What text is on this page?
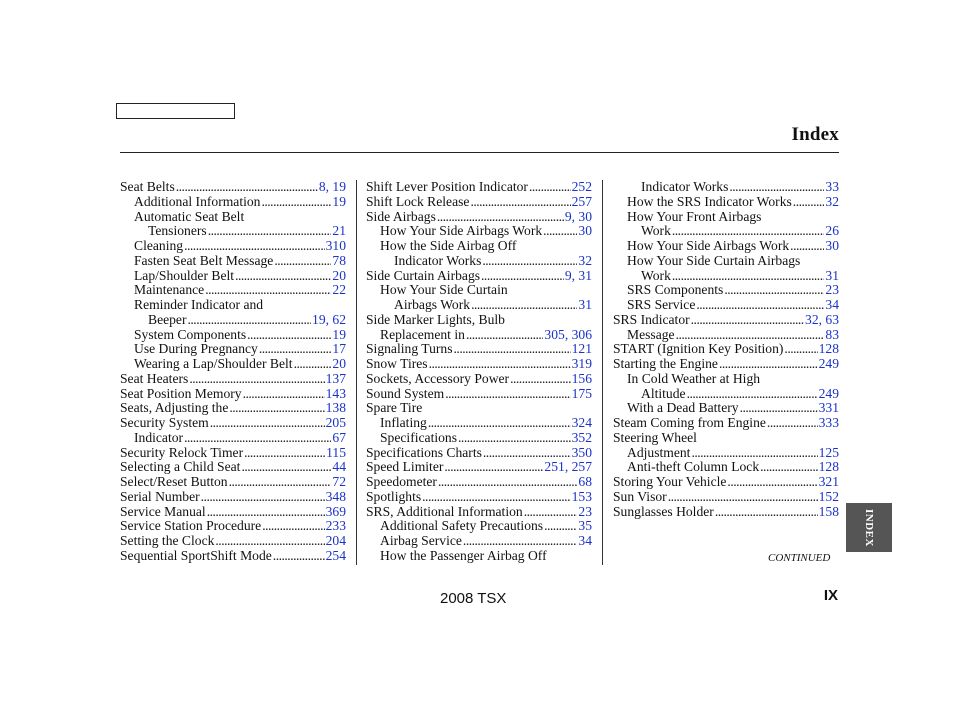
Index
Seat Belts .....	8, 19
Additional Information .....	19
Automatic Seat Belt
Tensioners .....	21
Cleaning .....	310
Fasten Seat Belt Message .....	78
Lap/Shoulder Belt .....	20
Maintenance .....	22
Reminder Indicator and
Beeper .....	19, 62
System Components .....	19
Use During Pregnancy .....	17
Wearing a Lap/Shoulder Belt .....	20
Seat Heaters .....	137
Seat Position Memory .....	143
Seats, Adjusting the .....	138
Security System .....	205
Indicator .....	67
Security Relock Timer .....	115
Selecting a Child Seat .....	44
Select/Reset Button .....	72
Serial Number .....	348
Service Manual .....	369
Service Station Procedure .....	233
Setting the Clock .....	204
Sequential SportShift Mode .....	254
Shift Lever Position Indicator .....	252
Shift Lock Release .....	257
Side Airbags .....	9, 30
How Your Side Airbags Work .....	30
How the Side Airbag Off
Indicator Works .....	32
Side Curtain Airbags .....	9, 31
How Your Side Curtain
Airbags Work .....	31
Side Marker Lights, Bulb
Replacement in .....	305, 306
Signaling Turns .....	121
Snow Tires .....	319
Sockets, Accessory Power .....	156
Sound System .....	175
Spare Tire
Inflating .....	324
Specifications .....	352
Specifications Charts .....	350
Speed Limiter .....	251, 257
Speedometer .....	68
Spotlights .....	153
SRS, Additional Information .....	23
Additional Safety Precautions .....	35
Airbag Service .....	34
How the Passenger Airbag Off
Indicator Works .....	33
How the SRS Indicator Works ..... 32
How Your Front Airbags
Work .....	26
How Your Side Airbags Work .....	30
How Your Side Curtain Airbags
Work .....	31
SRS Components .....	23
SRS Service .....	34
SRS Indicator .....	32, 63
Message .....	83
START (Ignition Key Position) .....	128
Starting the Engine .....	249
In Cold Weather at High
Altitude .....	249
With a Dead Battery .....	331
Steam Coming from Engine .....	333
Steering Wheel
Adjustment .....	125
Anti-theft Column Lock .....	128
Storing Your Vehicle .....	321
Sun Visor .....	152
Sunglasses Holder .....	158
CONTINUED
2008 TSX	IX
INDEX
